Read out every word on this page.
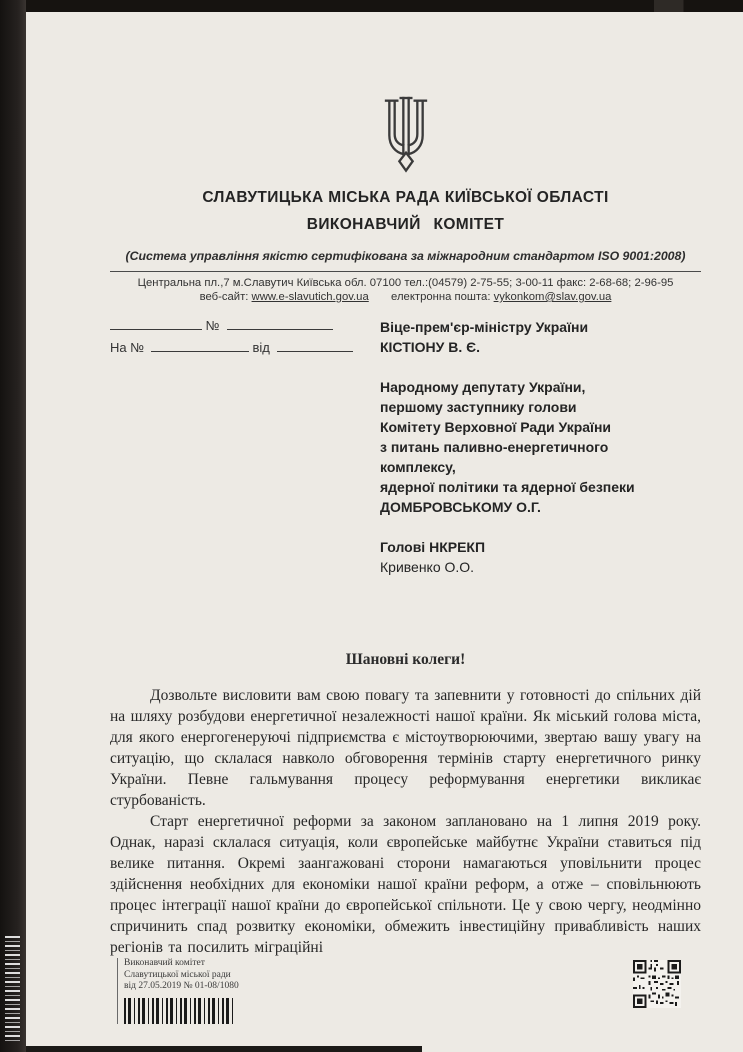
СЛАВУТИЦЬКА МІСЬКА РАДА КИЇВСЬКОЇ ОБЛАСТІ
ВИКОНАВЧИЙ КОМІТЕТ
(Система управління якістю сертифікована за міжнародним стандартом ISO 9001:2008)
Центральна пл.,7 м.Славутич Київська обл. 07100 тел.:(04579) 2-75-55; 3-00-11 факс: 2-68-68; 2-96-95
веб-сайт: www.e-slavutich.gov.ua електронна пошта: vykonkom@slav.gov.ua
№
На №	від
Віце-прем'єр-міністру України
КІСТІОНУ В. Є.
Народному депутату України,
першому заступнику голови
Комітету Верховної Ради України
з питань паливно-енергетичного
комплексу,
ядерної політики та ядерної безпеки
ДОМБРОВСЬКОМУ О.Г.
Голові НКРЕКП
Кривенко О.О.
Шановні колеги!

Дозвольте висловити вам свою повагу та запевнити у готовності до спільних дій на шляху розбудови енергетичної незалежності нашої країни. Як міський голова міста, для якого енергогенеруючі підприємства є містоутворюючими, звертаю вашу увагу на ситуацію, що склалася навколо обговорення термінів старту енергетичного ринку України. Певне гальмування процесу реформування енергетики викликає стурбованість.

Старт енергетичної реформи за законом заплановано на 1 липня 2019 року. Однак, наразі склалася ситуація, коли європейське майбутнє України ставиться під велике питання. Окремі заангажовані сторони намагаються уповільнити процес здійснення необхідних для економіки нашої країни реформ, а отже – сповільнюють процес інтеграції нашої країни до європейської спільноти. Це у свою чергу, неодмінно спричинить спад розвитку економіки, обмежить інвестиційну привабливість наших регіонів та посилить міграційні

Виконавчий комітет
Славутицької міської ради
від 27.05.2019 № 01-08/1080
